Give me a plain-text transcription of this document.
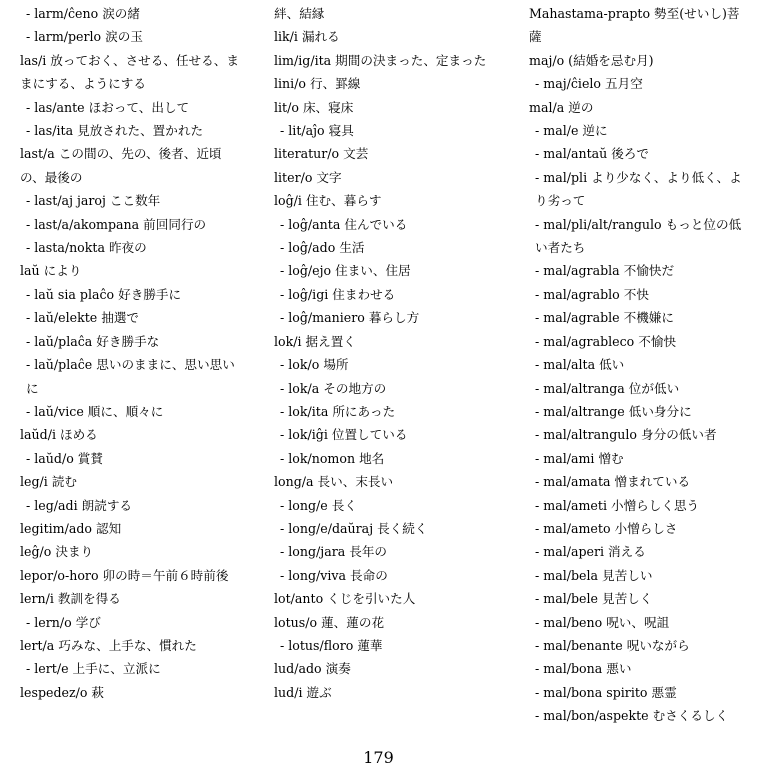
- larm/ĉeno 涙の緒
- larm/perlo 涙の玉
las/i 放っておく、させる、任せる、ままにする、ようにする
- las/ante ほおって、出して
- las/ita 見放された、置かれた
last/a この間の、先の、後者、近頃の、最後の
- last/aj jaroj ここ数年
- last/a/akompana 前回同行の
- lasta/nokta 昨夜の
laŭ により
- laŭ sia plaĉo 好き勝手に
- laŭ/elekte 抽選で
- laŭ/plaĉa 好き勝手な
- laŭ/plaĉe 思いのままに、思い思いに
- laŭ/vice 順に、順々に
laŭd/i ほめる
- laŭd/o 賞賛
leg/i 読む
- leg/adi 朗読する
legitim/ado 認知
leĝ/o 決まり
lepor/o-horo 卯の時＝午前６時前後
lern/i 教訓を得る
- lern/o 学び
lert/a 巧みな、上手な、慣れた
- lert/e 上手に、立派に
lespedez/o 萩
絆、結縁
lik/i 漏れる
lim/ig/ita 期間の決まった、定まった
lini/o 行、罫線
lit/o 床、寝床
- lit/aĵo 寝具
literatur/o 文芸
liter/o 文字
loĝ/i 住む、暮らす
- loĝ/anta 住んでいる
- loĝ/ado 生活
- loĝ/ejo 住まい、住居
- loĝ/igi 住まわせる
- loĝ/maniero 暮らし方
lok/i 据え置く
- lok/o 場所
- lok/a その地方の
- lok/ita 所にあった
- lok/iĝi 位置している
- lok/nomon 地名
long/a 長い、末長い
- long/e 長く
- long/e/daŭraj 長く続く
- long/jara 長年の
- long/viva 長命の
lot/anto くじを引いた人
lotus/o 蓮、蓮の花
- lotus/floro 蓮華
lud/ado 演奏
lud/i 遊ぶ
Mahastama-prapto 勢至(せいし)菩薩
maj/o (結婚を忌む月)
- maj/ĉielo 五月空
mal/a 逆の
- mal/e 逆に
- mal/antaŭ 後ろで
- mal/pli より少なく、より低く、より劣って
- mal/pli/alt/rangulo もっと位の低い者たち
- mal/agrabla 不愉快だ
- mal/agrablo 不快
- mal/agrable 不機嫌に
- mal/agrableco 不愉快
- mal/alta 低い
- mal/altranga 位が低い
- mal/altrange 低い身分に
- mal/altrangulo 身分の低い者
- mal/ami 憎む
- mal/amata 憎まれている
- mal/ameti 小憎らしく思う
- mal/ameto 小憎らしさ
- mal/aperi 消える
- mal/bela 見苦しい
- mal/bele 見苦しく
- mal/beno 呪い、呪詛
- mal/benante 呪いながら
- mal/bona 悪い
- mal/bona spirito 悪霊
- mal/bon/aspekte むさくるしく
179
